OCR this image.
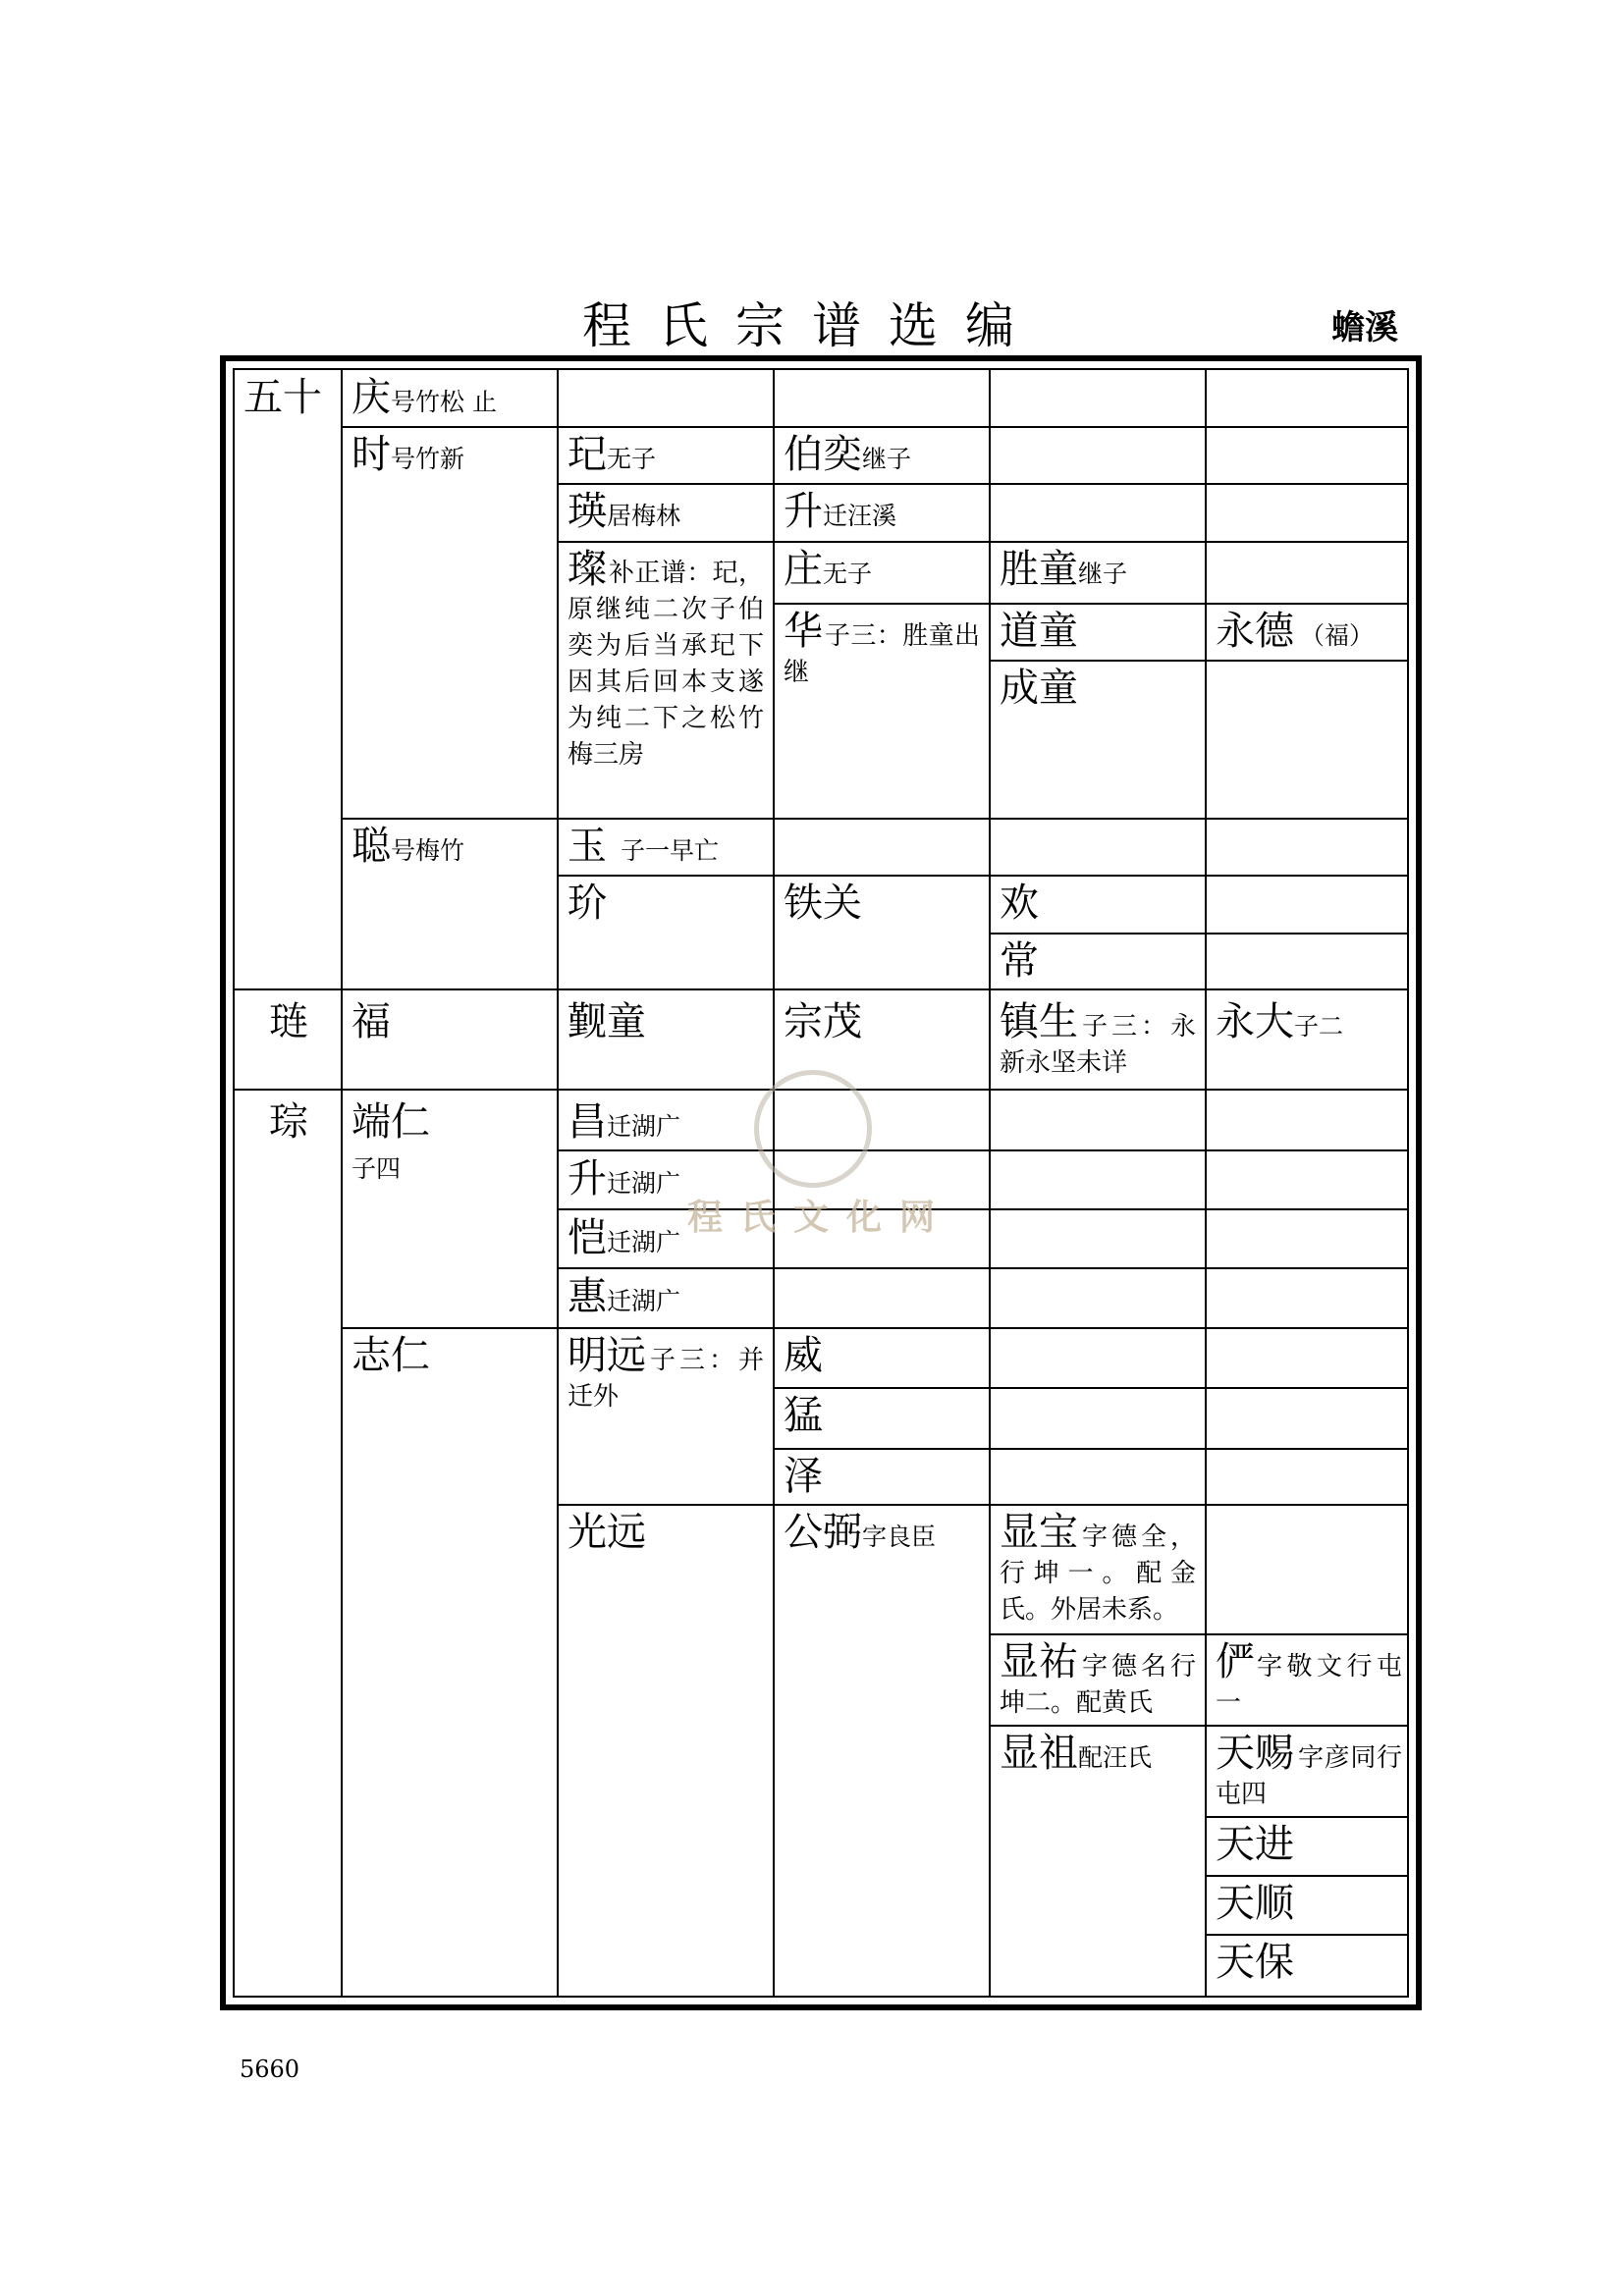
程氏宗谱选编	蟾溪
五十
琏
琮
庆号竹松 止
时号竹新
聪号梅竹
福
端仁
子四
志仁
玘无子
瑛居梅林
璨 补正谱：玘，原继纯二次子伯奕为后当承玘下因其后回本支遂为纯二下之松竹梅三房
玉子一早亡
玠
觐童
昌迁湖广
升迁湖广
恺迁湖广
惠迁湖广
明远 子三：并迁外
光远
伯奕继子
升迁汪溪
庄无子
华 子三：胜童出继
铁关
宗茂
威
猛
泽
公弼字良臣
胜童继子
道童
成童
欢
常
镇生 子三：永新永坚未详
显宝 字德全，行坤一。配金氏。外居未系。
显祐 字德名行坤二。配黄氏
显祖配汪氏
永德 （福）
永大子二
俨 字敬文行屯一
天赐 字彦同行屯四
天进
天顺
天保
程氏文化网
5660
